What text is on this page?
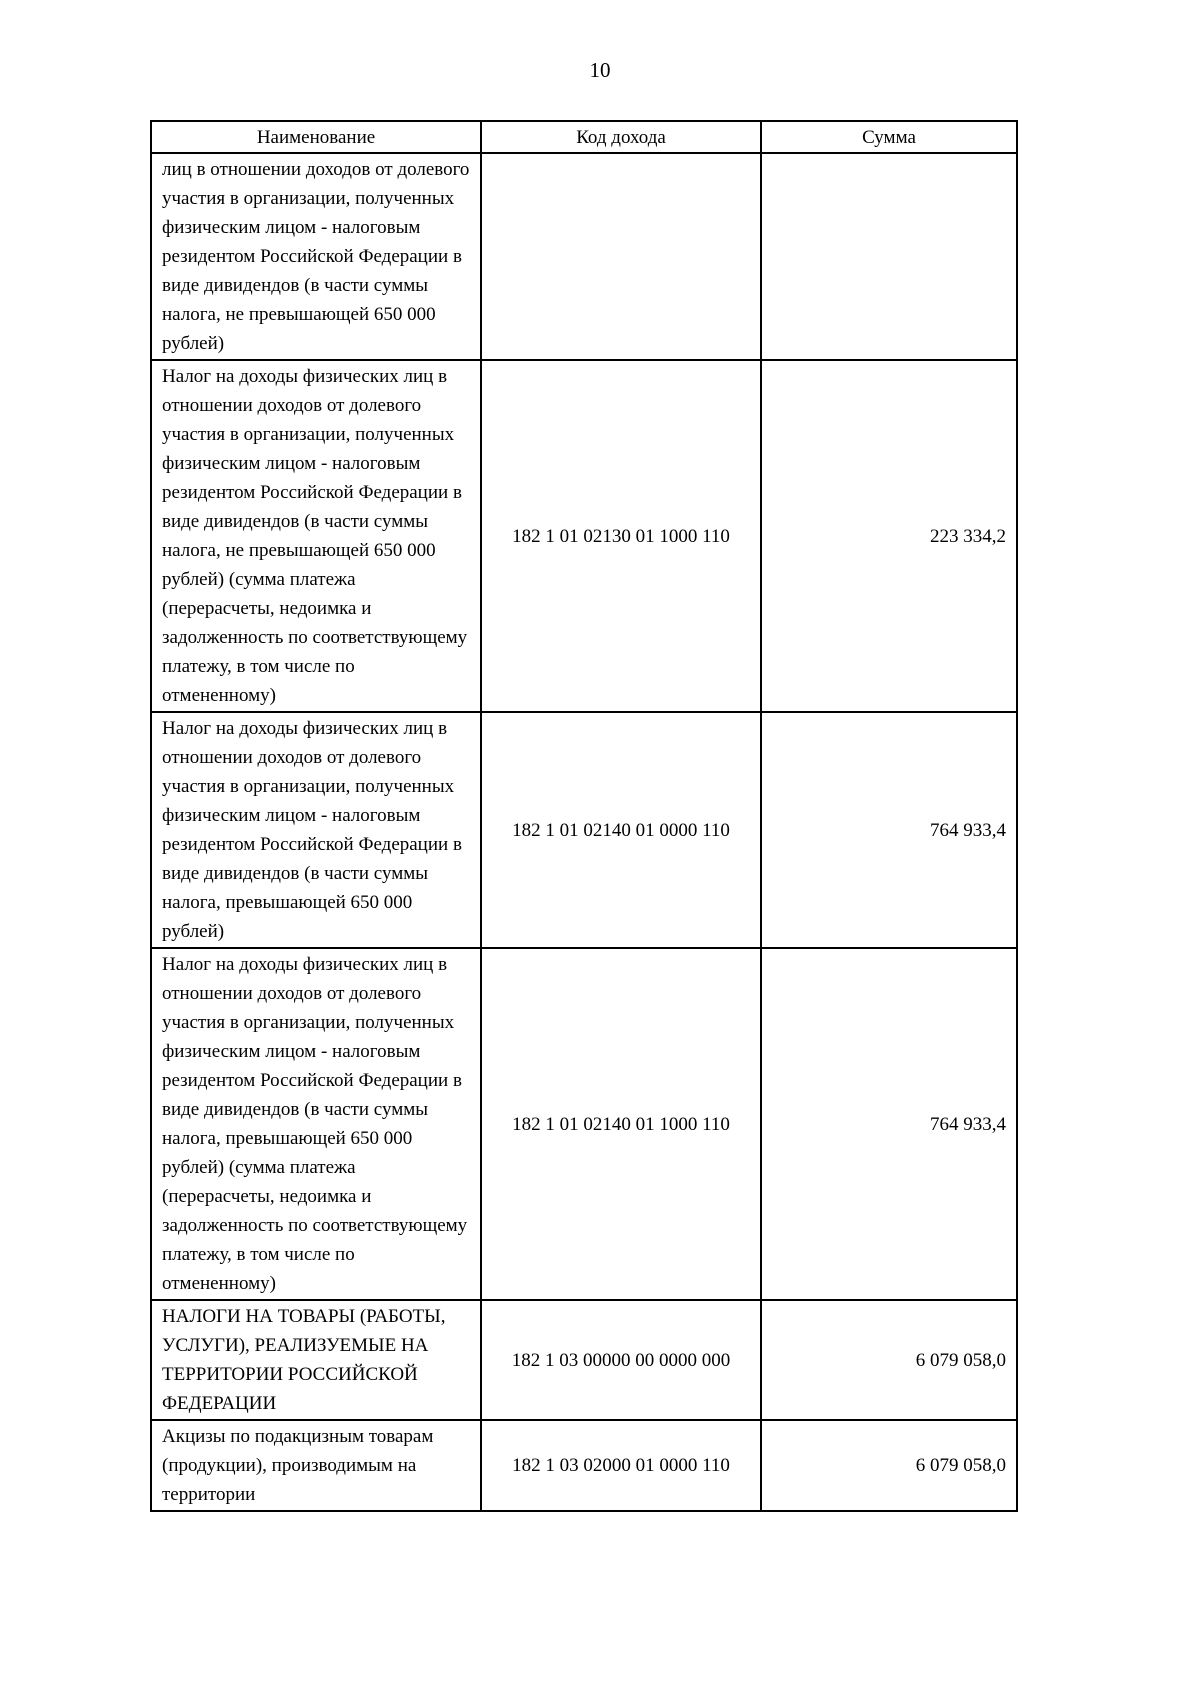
10
Наименование	Код дохода	Сумма
лиц в отношении доходов от долевого участия в организации, полученных физическим лицом - налоговым резидентом Российской Федерации в виде дивидендов (в части суммы налога, не превышающей 650 000 рублей)		
Налог на доходы физических лиц в отношении доходов от долевого участия в организации, полученных физическим лицом - налоговым резидентом Российской Федерации в виде дивидендов (в части суммы налога, не превышающей 650 000 рублей) (сумма платежа (перерасчеты, недоимка и задолженность по соответствующему платежу, в том числе по отмененному)	182 1 01 02130 01 1000 110	223 334,2
Налог на доходы физических лиц в отношении доходов от долевого участия в организации, полученных физическим лицом - налоговым резидентом Российской Федерации в виде дивидендов (в части суммы налога, превышающей 650 000 рублей)	182 1 01 02140 01 0000 110	764 933,4
Налог на доходы физических лиц в отношении доходов от долевого участия в организации, полученных физическим лицом - налоговым резидентом Российской Федерации в виде дивидендов (в части суммы налога, превышающей 650 000 рублей) (сумма платежа (перерасчеты, недоимка и задолженность по соответствующему платежу, в том числе по отмененному)	182 1 01 02140 01 1000 110	764 933,4
НАЛОГИ НА ТОВАРЫ (РАБОТЫ, УСЛУГИ), РЕАЛИЗУЕМЫЕ НА ТЕРРИТОРИИ РОССИЙСКОЙ ФЕДЕРАЦИИ	182 1 03 00000 00 0000 000	6 079 058,0
Акцизы по подакцизным товарам (продукции), производимым на территории	182 1 03 02000 01 0000 110	6 079 058,0
